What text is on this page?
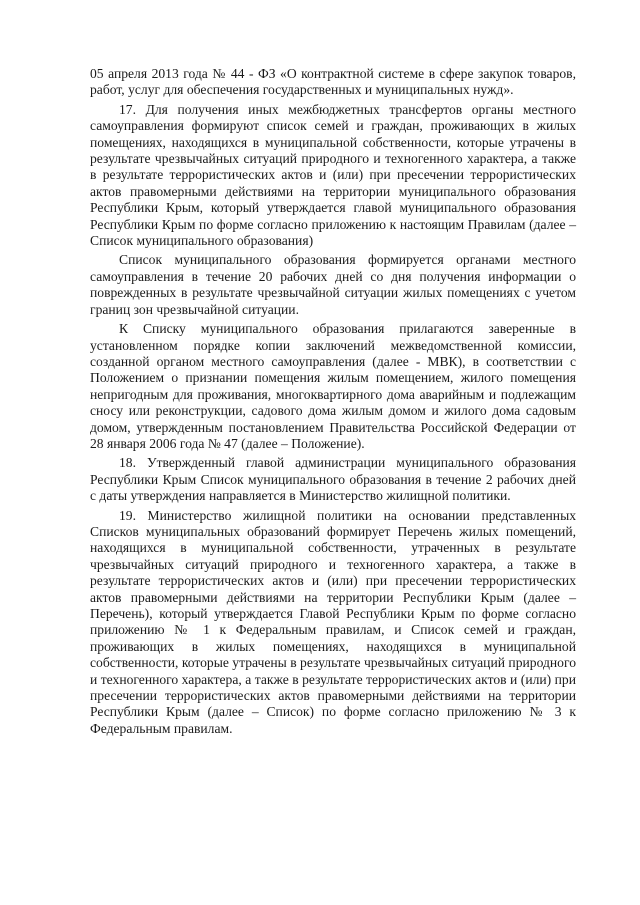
05 апреля 2013 года № 44 - ФЗ «О контрактной системе в сфере закупок товаров, работ, услуг для обеспечения государственных и муниципальных нужд».

17. Для получения иных межбюджетных трансфертов органы местного самоуправления формируют список семей и граждан, проживающих в жилых помещениях, находящихся в муниципальной собственности, которые утрачены в результате чрезвычайных ситуаций природного и техногенного характера, а также в результате террористических актов и (или) при пресечении террористических актов правомерными действиями на территории муниципального образования Республики Крым, который утверждается главой муниципального образования Республики Крым по форме согласно приложению к настоящим Правилам (далее – Список муниципального образования)

Список муниципального образования формируется органами местного самоуправления в течение 20 рабочих дней со дня получения информации о поврежденных в результате чрезвычайной ситуации жилых помещениях с учетом границ зон чрезвычайной ситуации.

К Списку муниципального образования прилагаются заверенные в установленном порядке копии заключений межведомственной комиссии, созданной органом местного самоуправления (далее - МВК), в соответствии с Положением о признании помещения жилым помещением, жилого помещения непригодным для проживания, многоквартирного дома аварийным и подлежащим сносу или реконструкции, садового дома жилым домом и жилого дома садовым домом, утвержденным постановлением Правительства Российской Федерации от 28 января 2006 года № 47 (далее – Положение).

18. Утвержденный главой администрации муниципального образования Республики Крым Список муниципального образования в течение 2 рабочих дней с даты утверждения направляется в Министерство жилищной политики.

19. Министерство жилищной политики на основании представленных Списков муниципальных образований формирует Перечень жилых помещений, находящихся в муниципальной собственности, утраченных в результате чрезвычайных ситуаций природного и техногенного характера, а также в результате террористических актов и (или) при пресечении террористических актов правомерными действиями на территории Республики Крым (далее – Перечень), который утверждается Главой Республики Крым по форме согласно приложению № 1 к Федеральным правилам, и Список семей и граждан, проживающих в жилых помещениях, находящихся в муниципальной собственности, которые утрачены в результате чрезвычайных ситуаций природного и техногенного характера, а также в результате террористических актов и (или) при пресечении террористических актов правомерными действиями на территории Республики Крым (далее – Список) по форме согласно приложению № 3 к Федеральным правилам.
